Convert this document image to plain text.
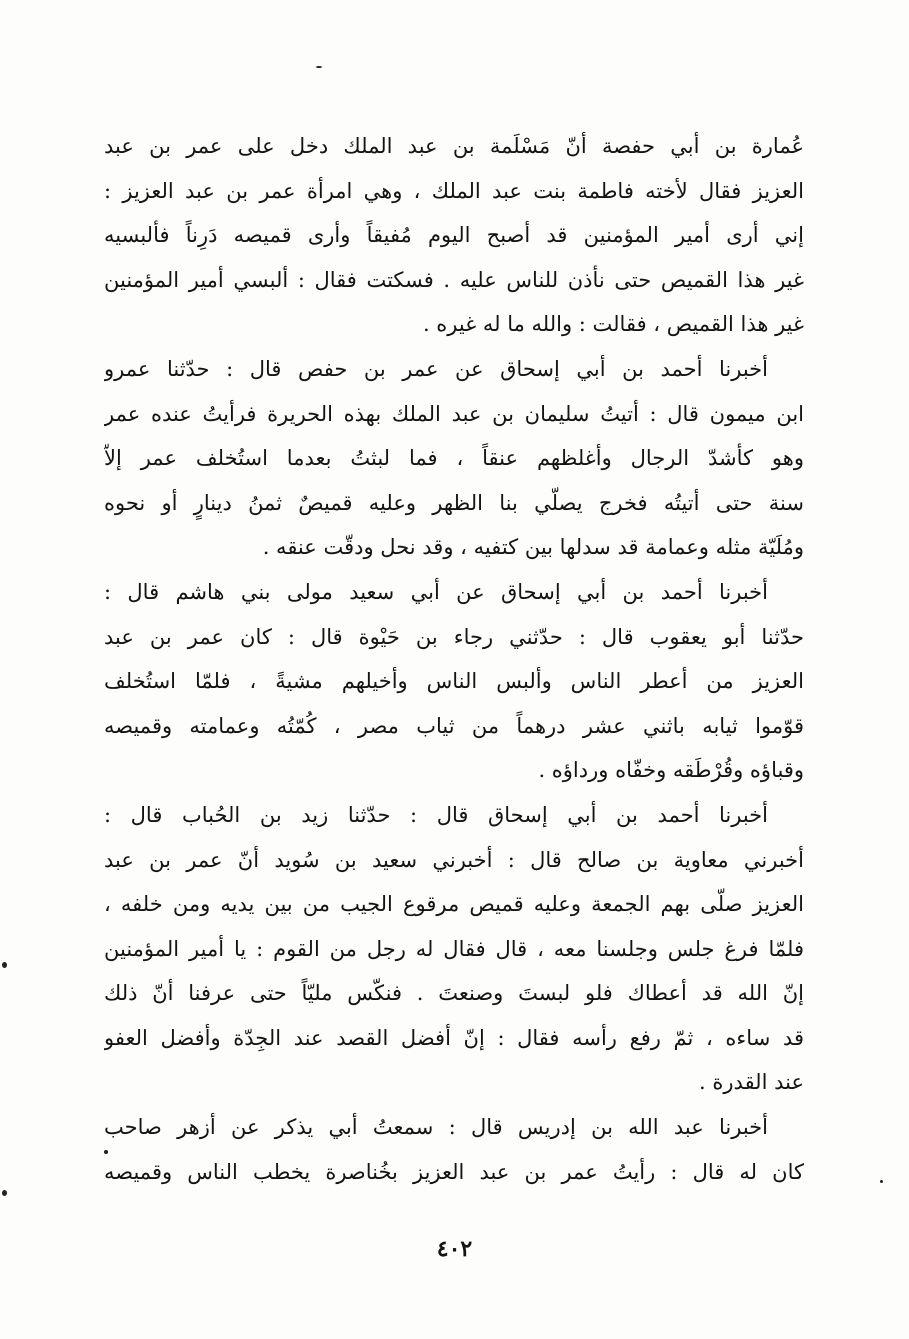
عُمارة بن أبي حفصة أنّ مَسْلَمة بن عبد الملك دخل على عمر بن عبد
العزيز فقال لأخته فاطمة بنت عبد الملك ، وهي امرأة عمر بن عبد العزيز :
إني أرى أمير المؤمنين قد أصبح اليوم مُفيقاً وأرى قميصه دَرِناً فألبسيه
غير هذا القميص حتى نأذن للناس عليه . فسكتت فقال : ألبسي أمير المؤمنين
غير هذا القميص ، فقالت : والله ما له غيره .

أخبرنا أحمد بن أبي إسحاق عن عمر بن حفص قال : حدّثنا عمرو
ابن ميمون قال : أتيتُ سليمان بن عبد الملك بهذه الحريرة فرأيتُ عنده عمر
وهو كأشدّ الرجال وأغلظهم عنقاً ، فما لبثتُ بعدما استُخلف عمر إلاّ
سنة حتى أتيتُه فخرج يصلّي بنا الظهر وعليه قميصٌ ثمنُ دينارٍ أو نحوه
ومُلَيّة مثله وعمامة قد سدلها بين كتفيه ، وقد نحل ودقّت عنقه .

أخبرنا أحمد بن أبي إسحاق عن أبي سعيد مولى بني هاشم قال :
حدّثنا أبو يعقوب قال : حدّثني رجاء بن حَيْوة قال : كان عمر بن عبد
العزيز من أعطر الناس وألبس الناس وأخيلهم مشيةً ، فلمّا استُخلف
قوّموا ثيابه باثني عشر درهماً من ثياب مصر ، كُمّتُه وعمامته وقميصه
وقباؤه وقُرْطَقه وخفّاه ورداؤه .

أخبرنا أحمد بن أبي إسحاق قال : حدّثنا زيد بن الحُباب قال :
أخبرني معاوية بن صالح قال : أخبرني سعيد بن سُويد أنّ عمر بن عبد
العزيز صلّى بهم الجمعة وعليه قميص مرقوع الجيب من بين يديه ومن خلفه ،
فلمّا فرغ جلس وجلسنا معه ، قال فقال له رجل من القوم : يا أمير المؤمنين
إنّ الله قد أعطاك فلو لبستَ وصنعتَ . فنكّس مليّاً حتى عرفنا أنّ ذلك
قد ساءه ، ثمّ رفع رأسه فقال : إنّ أفضل القصد عند الجِدّة وأفضل العفو
عند القدرة .

أخبرنا عبد الله بن إدريس قال : سمعتُ أبي يذكر عن أزهر صاحب
كان له قال : رأيتُ عمر بن عبد العزيز بخُناصرة يخطب الناس وقميصه

٤٠٢
